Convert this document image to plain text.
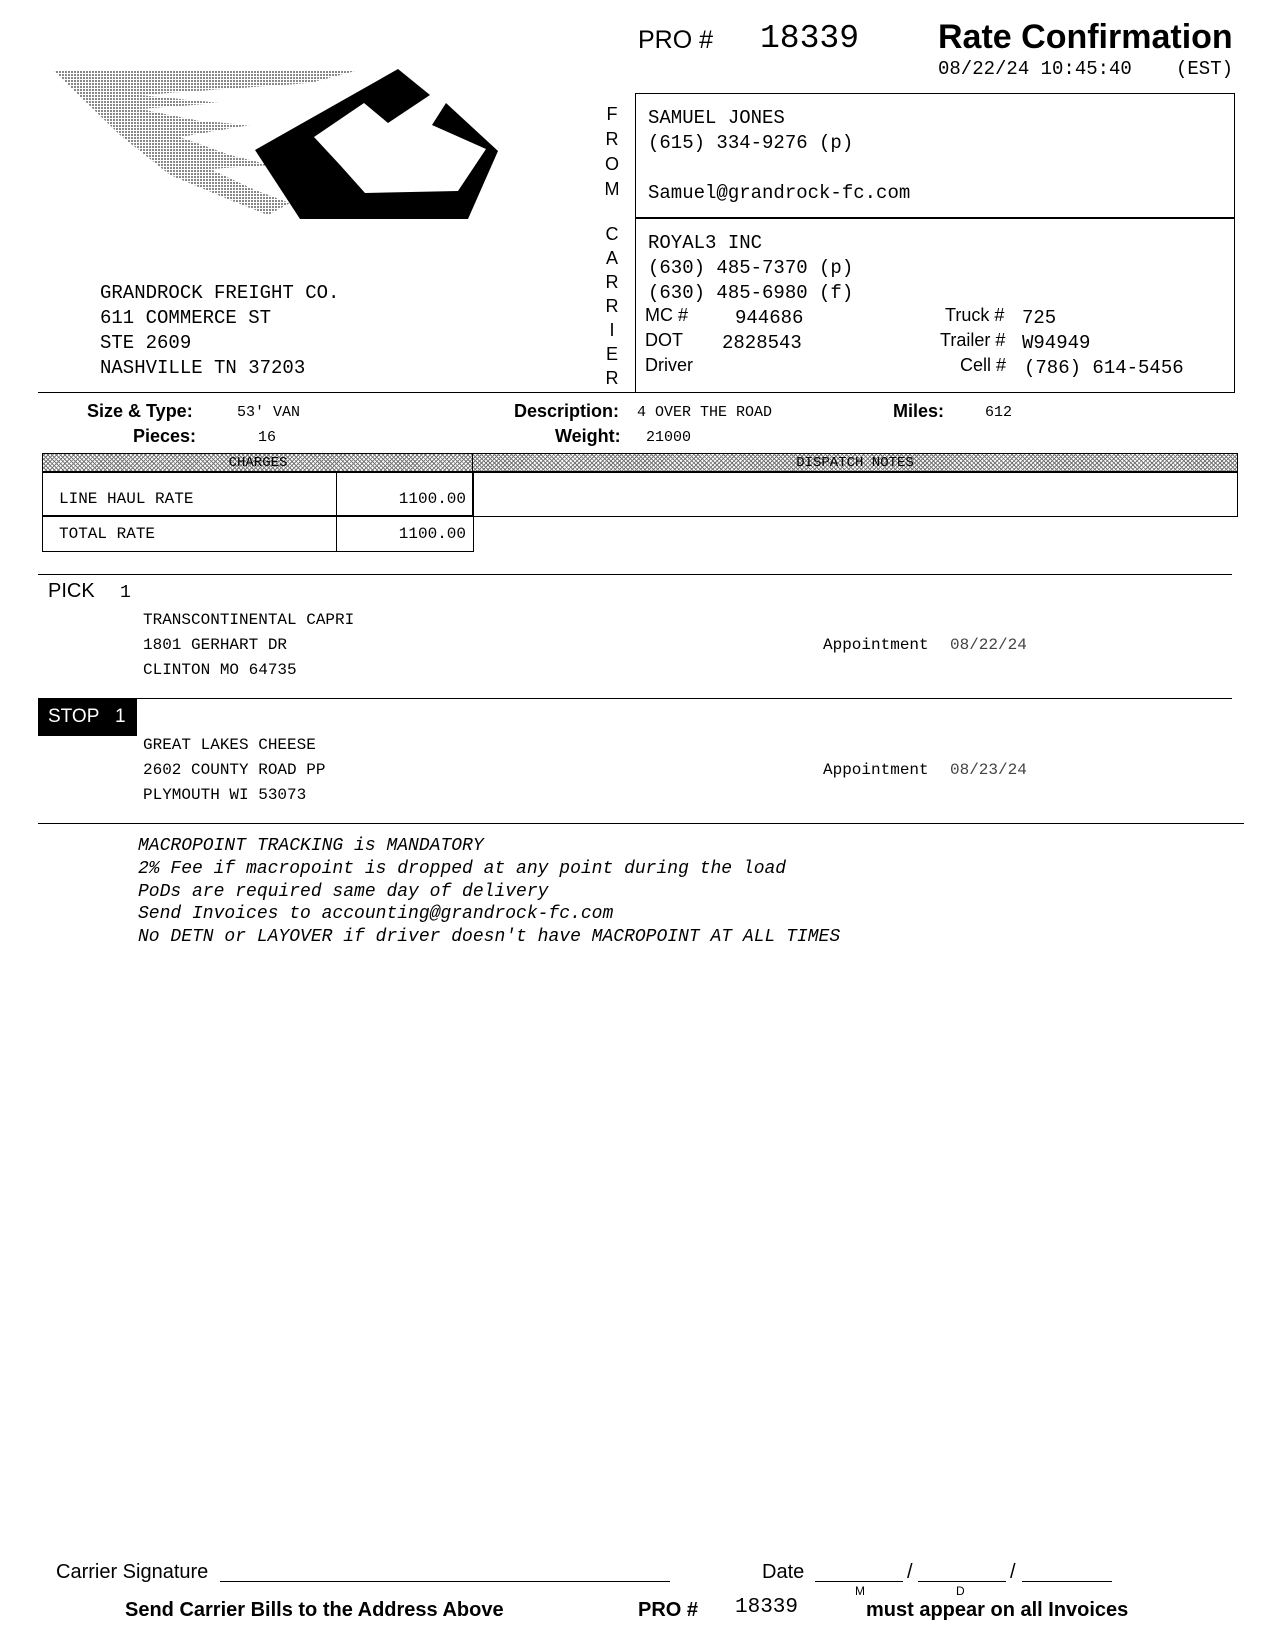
PRO # 18339 Rate Confirmation
08/22/24 10:45:40 (EST)
GRANDROCK FREIGHT CO.
611 COMMERCE ST
STE 2609
NASHVILLE TN 37203
F
R
O
M
C
A
R
R
I
E
R
SAMUEL JONES
(615) 334-9276 (p)
Samuel@grandrock-fc.com
ROYAL3 INC
(630) 485-7370 (p)
(630) 485-6980 (f)
MC # 944686
DOT 2828543
Driver
Truck # 725
Trailer # W94949
Cell # (786) 614-5456
Size & Type:	53' VAN
Pieces:	16
Description: 4 OVER THE ROAD
Weight: 21000
Miles:	612
CHARGES
LINE HAUL RATE	1100.00
TOTAL RATE	1100.00
DISPATCH NOTES
PICK 1
TRANSCONTINENTAL CAPRI
1801 GERHART DR
CLINTON MO 64735
Appointment 08/22/24
STOP 1
GREAT LAKES CHEESE
2602 COUNTY ROAD PP
PLYMOUTH WI 53073
Appointment 08/23/24
MACROPOINT TRACKING is MANDATORY
2% Fee if macropoint is dropped at any point during the load
PoDs are required same day of delivery
Send Invoices to accounting@grandrock-fc.com
No DETN or LAYOVER if driver doesn't have MACROPOINT AT ALL TIMES
Carrier Signature	Date	/	/
M	D
Send Carrier Bills to the Address Above	PRO # 18339	must appear on all Invoices
